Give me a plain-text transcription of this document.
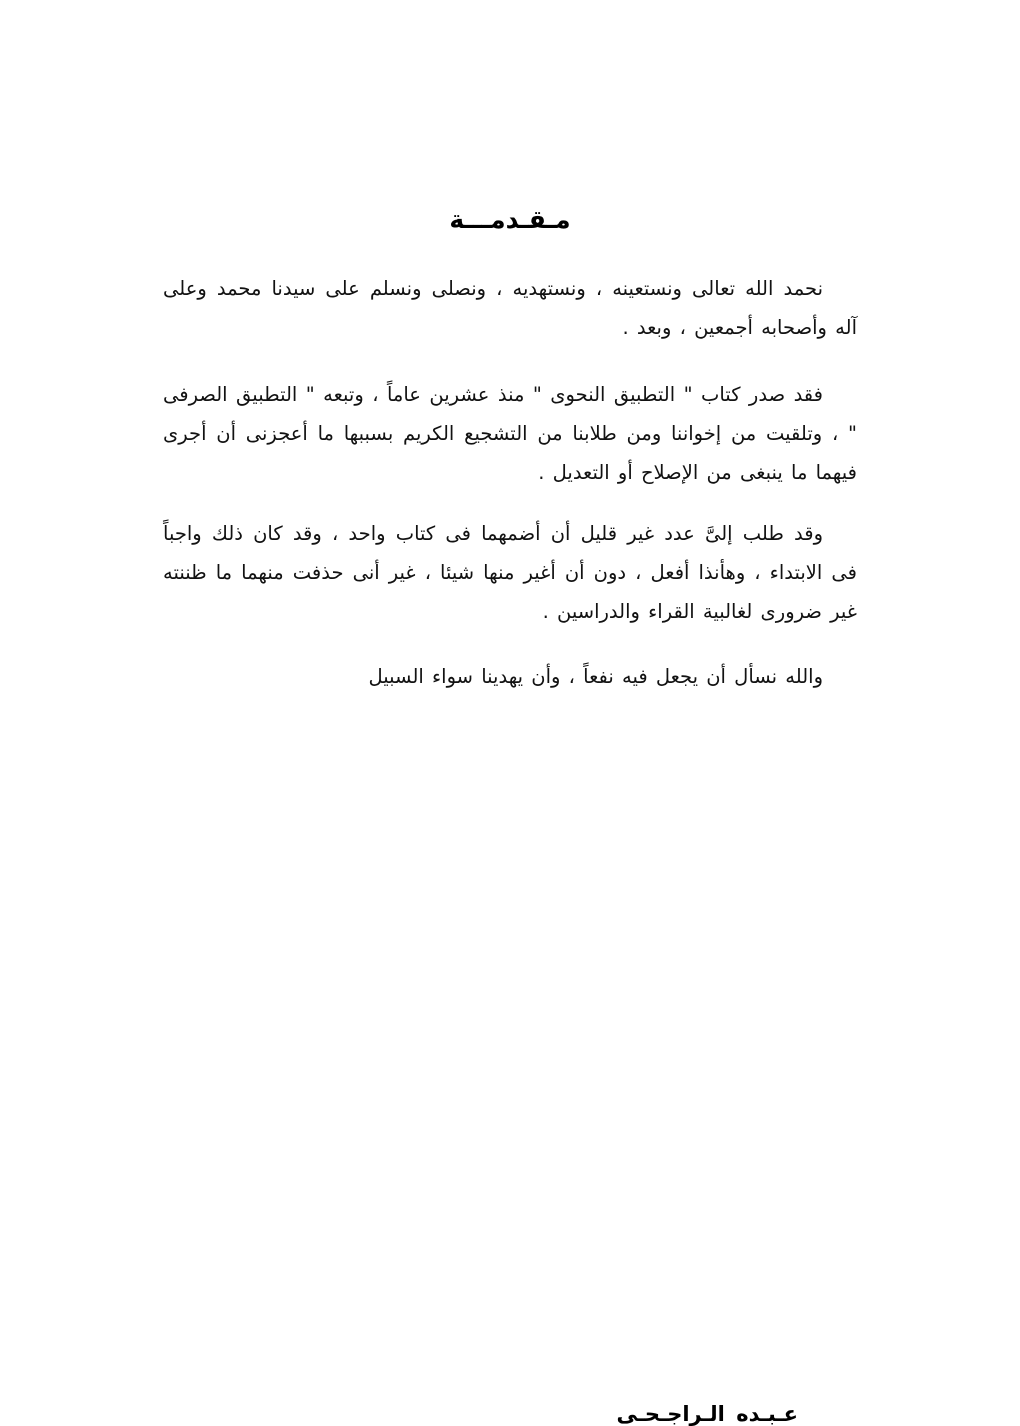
مـقـدمـــة

نحمد الله تعالى ونستعينه ، ونستهديه ، ونصلى ونسلم على سيدنا محمد وعلى آله وأصحابه أجمعين ، وبعد .

فقد صدر كتاب " التطبيق النحوى " منذ عشرين عاماً ، وتبعه " التطبيق الصرفى " ، وتلقيت من إخواننا ومن طلابنا من التشجيع الكريم بسببها ما أعجزنى أن أجرى فيهما ما ينبغى من الإصلاح أو التعديل .

وقد طلب إلىَّ عدد غير قليل أن أضمهما فى كتاب واحد ، وقد كان ذلك واجباً فى الابتداء ، وهأنذا أفعل ، دون أن أغير منها شيئا ، غير أنى حذفت منهما ما ظننته غير ضرورى لغالبية القراء والدراسين .

والله نسأل أن يجعل فيه نفعاً ، وأن يهدينا سواء السبيل

عـبـده الـراجـحـى
